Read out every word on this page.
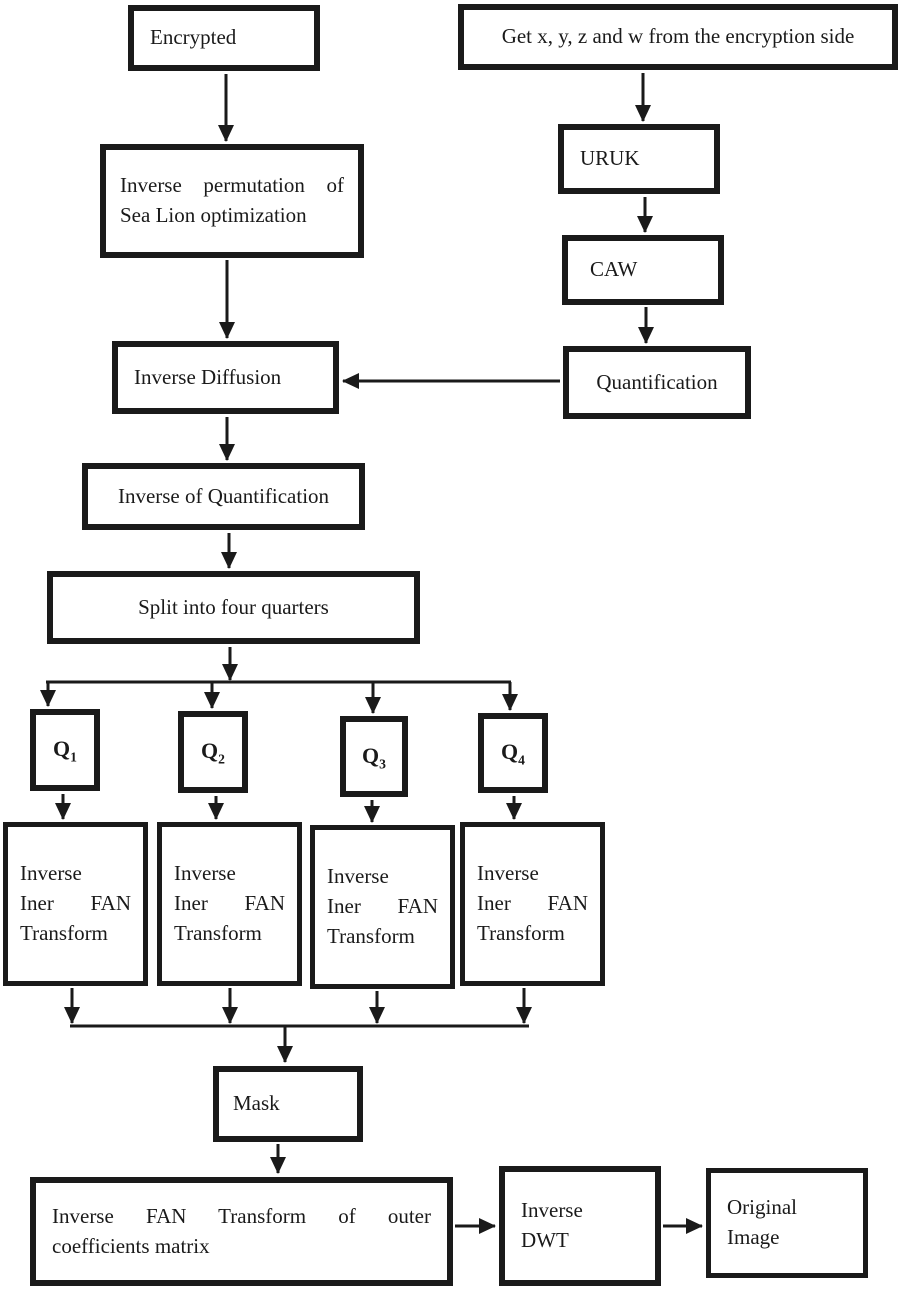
Encrypted	Get x, y, z and w from the encryption side
Inverse permutation of
Sea Lion optimization
URUK
CAW
Inverse Diffusion	Quantification
Inverse of Quantification
Split into four quarters
$Q_1$	$Q_2$	$Q_3$	$Q_4$
Inverse
Iner FAN
Transform
Inverse
Iner FAN
Transform
Inverse
Iner FAN
Transform
Inverse
Iner FAN
Transform
Mask
Inverse FAN Transform of outer
coefficients matrix
Inverse
DWT
Original
Image
